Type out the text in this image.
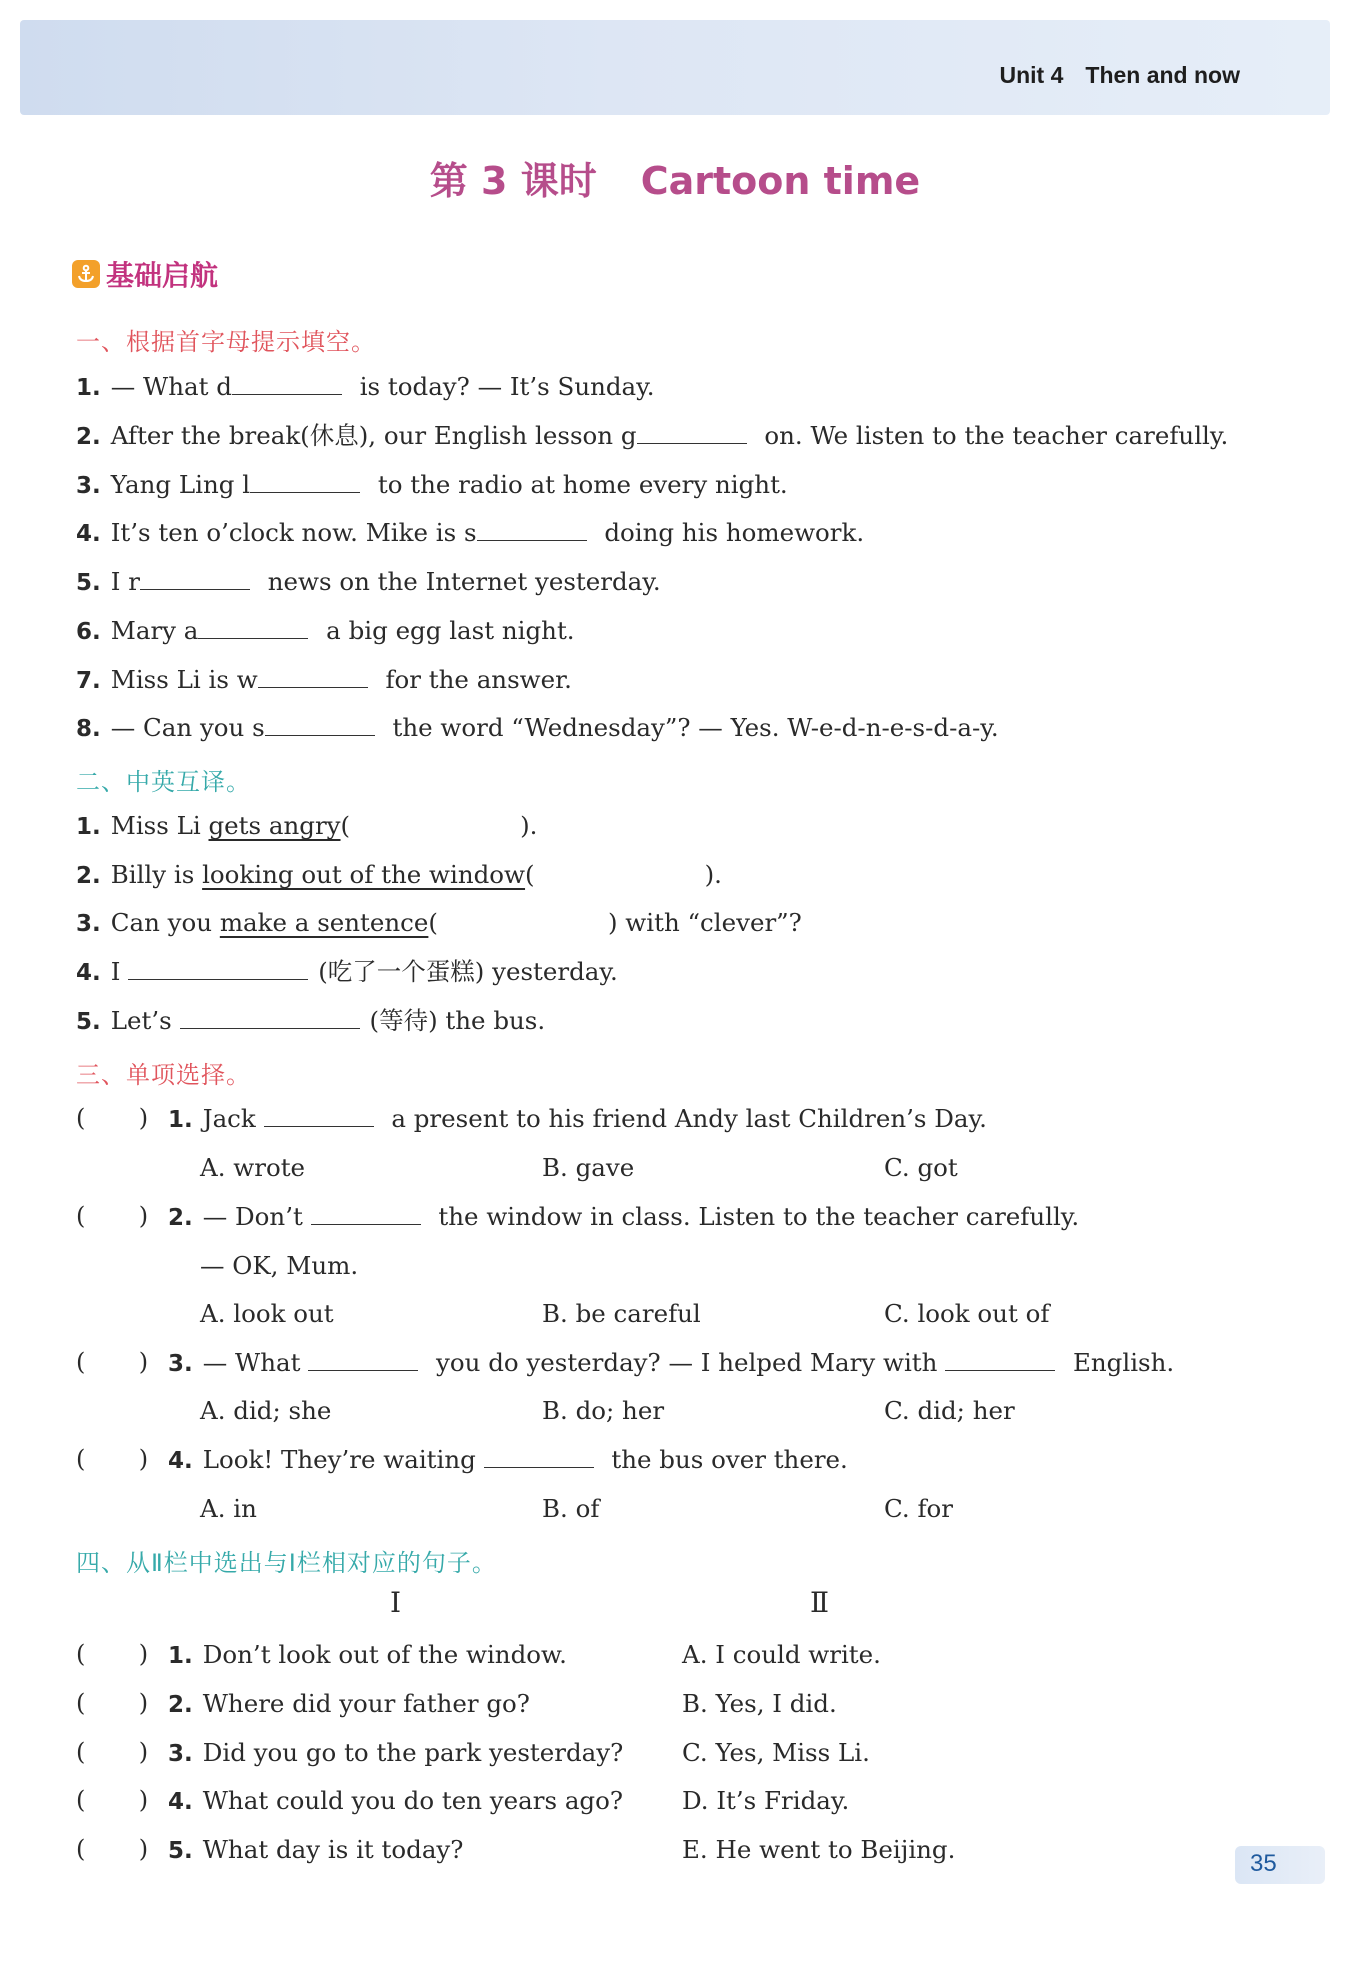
Unit 4 Then and now
第 3 课时 Cartoon time
基础启航
一、根据首字母提示填空。
1. — What d	is today? — It’s Sunday.
2. After the break(休息), our English lesson g	on. We listen to the teacher carefully.
3. Yang Ling l	to the radio at home every night.
4. It’s ten o’clock now. Mike is s	doing his homework.
5. I r	news on the Internet yesterday.
6. Mary a	a big egg last night.
7. Miss Li is w	for the answer.
8. — Can you s	the word “Wednesday”? — Yes. W-e-d-n-e-s-d-a-y.
二、中英互译。
1. Miss Li gets angry(	).
2. Billy is looking out of the window(	).
3. Can you make a sentence(	) with “clever”?
4. I	(吃了一个蛋糕) yesterday.
5. Let’s	(等待) the bus.
三、单项选择。
(       ) 1. Jack	a present to his friend Andy last Children’s Day.
A. wrote	B. gave	C. got
(       ) 2. — Don’t	the window in class. Listen to the teacher carefully.
— OK, Mum.
A. look out	B. be careful	C. look out of
(       ) 3. — What	you do yesterday? — I helped Mary with	English.
A. did; she	B. do; her	C. did; her
(       ) 4. Look! They’re waiting	the bus over there.
A. in	B. of	C. for
四、从Ⅱ栏中选出与Ⅰ栏相对应的句子。
Ⅰ	Ⅱ
(       ) 1. Don’t look out of the window.	A. I could write.
(       ) 2. Where did your father go?	B. Yes, I did.
(       ) 3. Did you go to the park yesterday? C. Yes, Miss Li.
(       ) 4. What could you do ten years ago? D. It’s Friday.
(       ) 5. What day is it today?	E. He went to Beijing.	35
